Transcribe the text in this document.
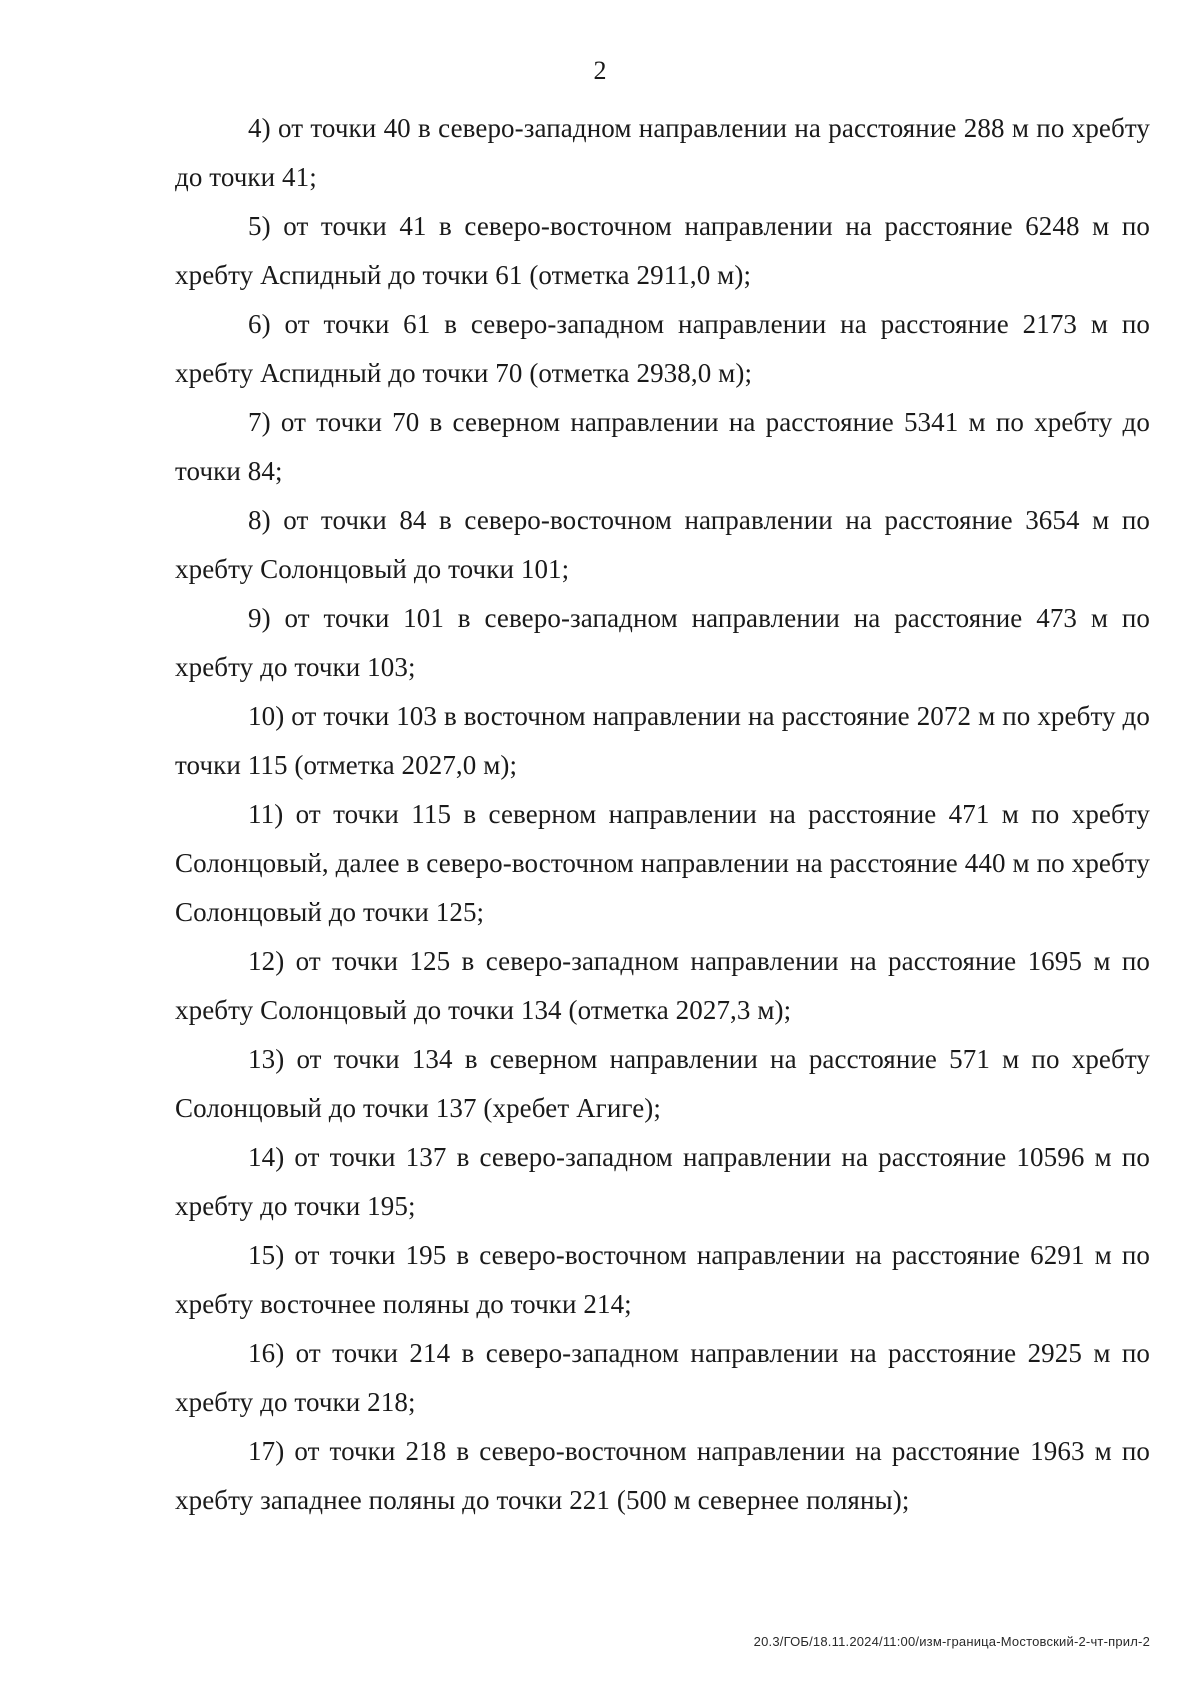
2

4) от точки 40 в северо-западном направлении на расстояние 288 м по хребту до точки 41;

5) от точки 41 в северо-восточном направлении на расстояние 6248 м по хребту Аспидный до точки 61 (отметка 2911,0 м);

6) от точки 61 в северо-западном направлении на расстояние 2173 м по хребту Аспидный до точки 70 (отметка 2938,0 м);

7) от точки 70 в северном направлении на расстояние 5341 м по хребту до точки 84;

8) от точки 84 в северо-восточном направлении на расстояние 3654 м по хребту Солонцовый до точки 101;

9) от точки 101 в северо-западном направлении на расстояние 473 м по хребту до точки 103;

10) от точки 103 в восточном направлении на расстояние 2072 м по хребту до точки 115 (отметка 2027,0 м);

11) от точки 115 в северном направлении на расстояние 471 м по хребту Солонцовый, далее в северо-восточном направлении на расстояние 440 м по хребту Солонцовый до точки 125;

12) от точки 125 в северо-западном направлении на расстояние 1695 м по хребту Солонцовый до точки 134 (отметка 2027,3 м);

13) от точки 134 в северном направлении на расстояние 571 м по хребту Солонцовый до точки 137 (хребет Агиге);

14) от точки 137 в северо-западном направлении на расстояние 10596 м по хребту до точки 195;

15) от точки 195 в северо-восточном направлении на расстояние 6291 м по хребту восточнее поляны до точки 214;

16) от точки 214 в северо-западном направлении на расстояние 2925 м по хребту до точки 218;

17) от точки 218 в северо-восточном направлении на расстояние 1963 м по хребту западнее поляны до точки 221 (500 м севернее поляны);

20.3/ГОБ/18.11.2024/11:00/изм-граница-Мостовский-2-чт-прил-2
